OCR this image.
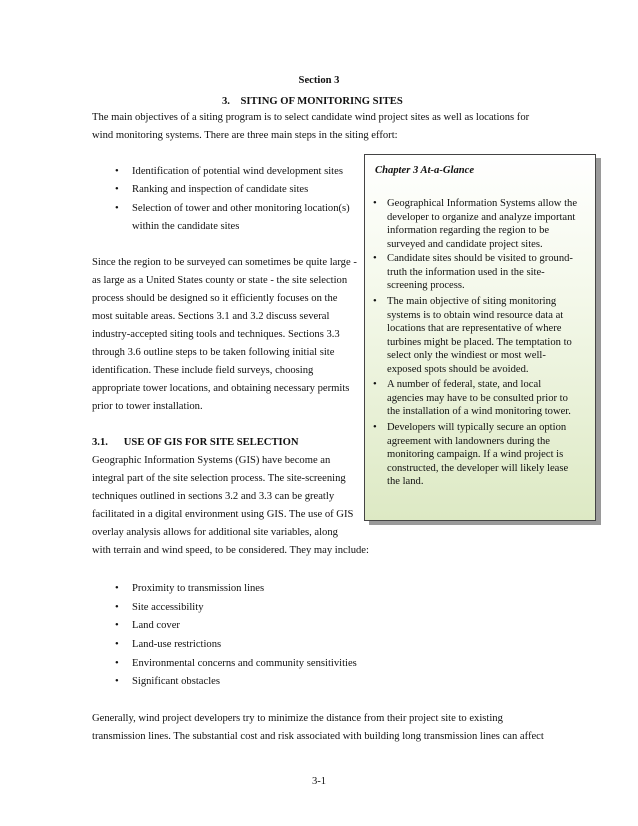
Section 3
3.    SITING OF MONITORING SITES
The main objectives of a siting program is to select candidate wind project sites as well as locations for
wind monitoring systems. There are three main steps in the siting effort:
• Identification of potential wind development sites
• Ranking and inspection of candidate sites
• Selection of tower and other monitoring location(s)
within the candidate sites
Since the region to be surveyed can sometimes be quite large -
as large as a United States county or state - the site selection
process should be designed so it efficiently focuses on the
most suitable areas. Sections 3.1 and 3.2 discuss several
industry-accepted siting tools and techniques. Sections 3.3
through 3.6 outline steps to be taken following initial site
identification. These include field surveys, choosing
appropriate tower locations, and obtaining necessary permits
prior to tower installation.
3.1.      USE OF GIS FOR SITE SELECTION
Geographic Information Systems (GIS) have become an
integral part of the site selection process. The site-screening
techniques outlined in sections 3.2 and 3.3 can be greatly
facilitated in a digital environment using GIS. The use of GIS
overlay analysis allows for additional site variables, along
with terrain and wind speed, to be considered. They may include:
• Proximity to transmission lines
• Site accessibility
• Land cover
• Land-use restrictions
• Environmental concerns and community sensitivities
• Significant obstacles
Generally, wind project developers try to minimize the distance from their project site to existing
transmission lines. The substantial cost and risk associated with building long transmission lines can affect
Chapter 3 At-a-Glance
• Geographical Information Systems allow the
developer to organize and analyze important
information regarding the region to be
surveyed and candidate project sites.
• Candidate sites should be visited to ground-
truth the information used in the site-
screening process.
• The main objective of siting monitoring
systems is to obtain wind resource data at
locations that are representative of where
turbines might be placed. The temptation to
select only the windiest or most well-
exposed spots should be avoided.
• A number of federal, state, and local
agencies may have to be consulted prior to
the installation of a wind monitoring tower.
• Developers will typically secure an option
agreement with landowners during the
monitoring campaign. If a wind project is
constructed, the developer will likely lease
the land.
3-1
